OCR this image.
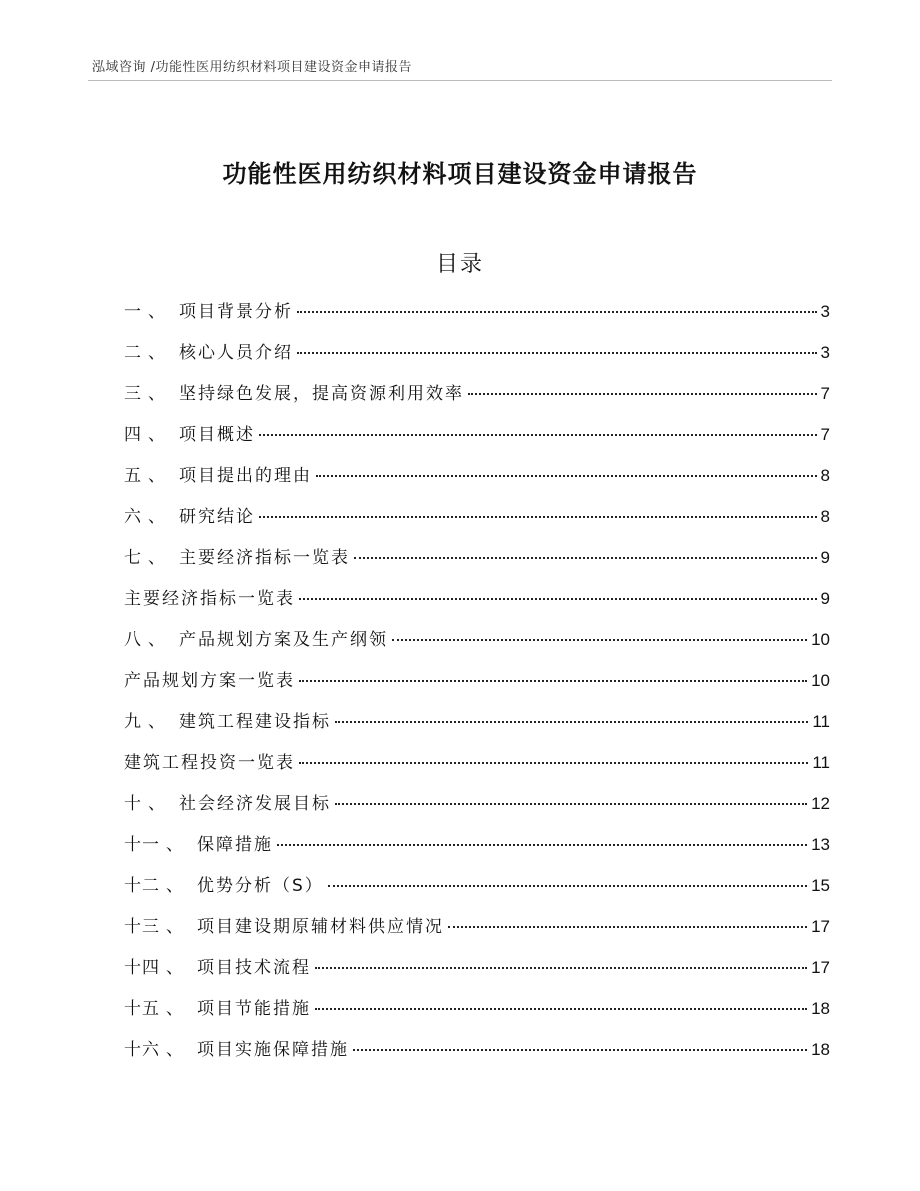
泓域咨询 /功能性医用纺织材料项目建设资金申请报告
功能性医用纺织材料项目建设资金申请报告
目录
一 、 项目背景分析	3
二 、 核心人员介绍	3
三 、 坚持绿色发展，提高资源利用效率	7
四 、 项目概述	7
五 、 项目提出的理由	8
六 、 研究结论	8
七 、 主要经济指标一览表	9
主要经济指标一览表	9
八 、 产品规划方案及生产纲领	10
产品规划方案一览表	10
九 、 建筑工程建设指标	11
建筑工程投资一览表	11
十 、 社会经济发展目标	12
十一 、 保障措施	13
十二 、 优势分析（S）	15
十三 、 项目建设期原辅材料供应情况	17
十四 、 项目技术流程	17
十五 、 项目节能措施	18
十六 、 项目实施保障措施	18
